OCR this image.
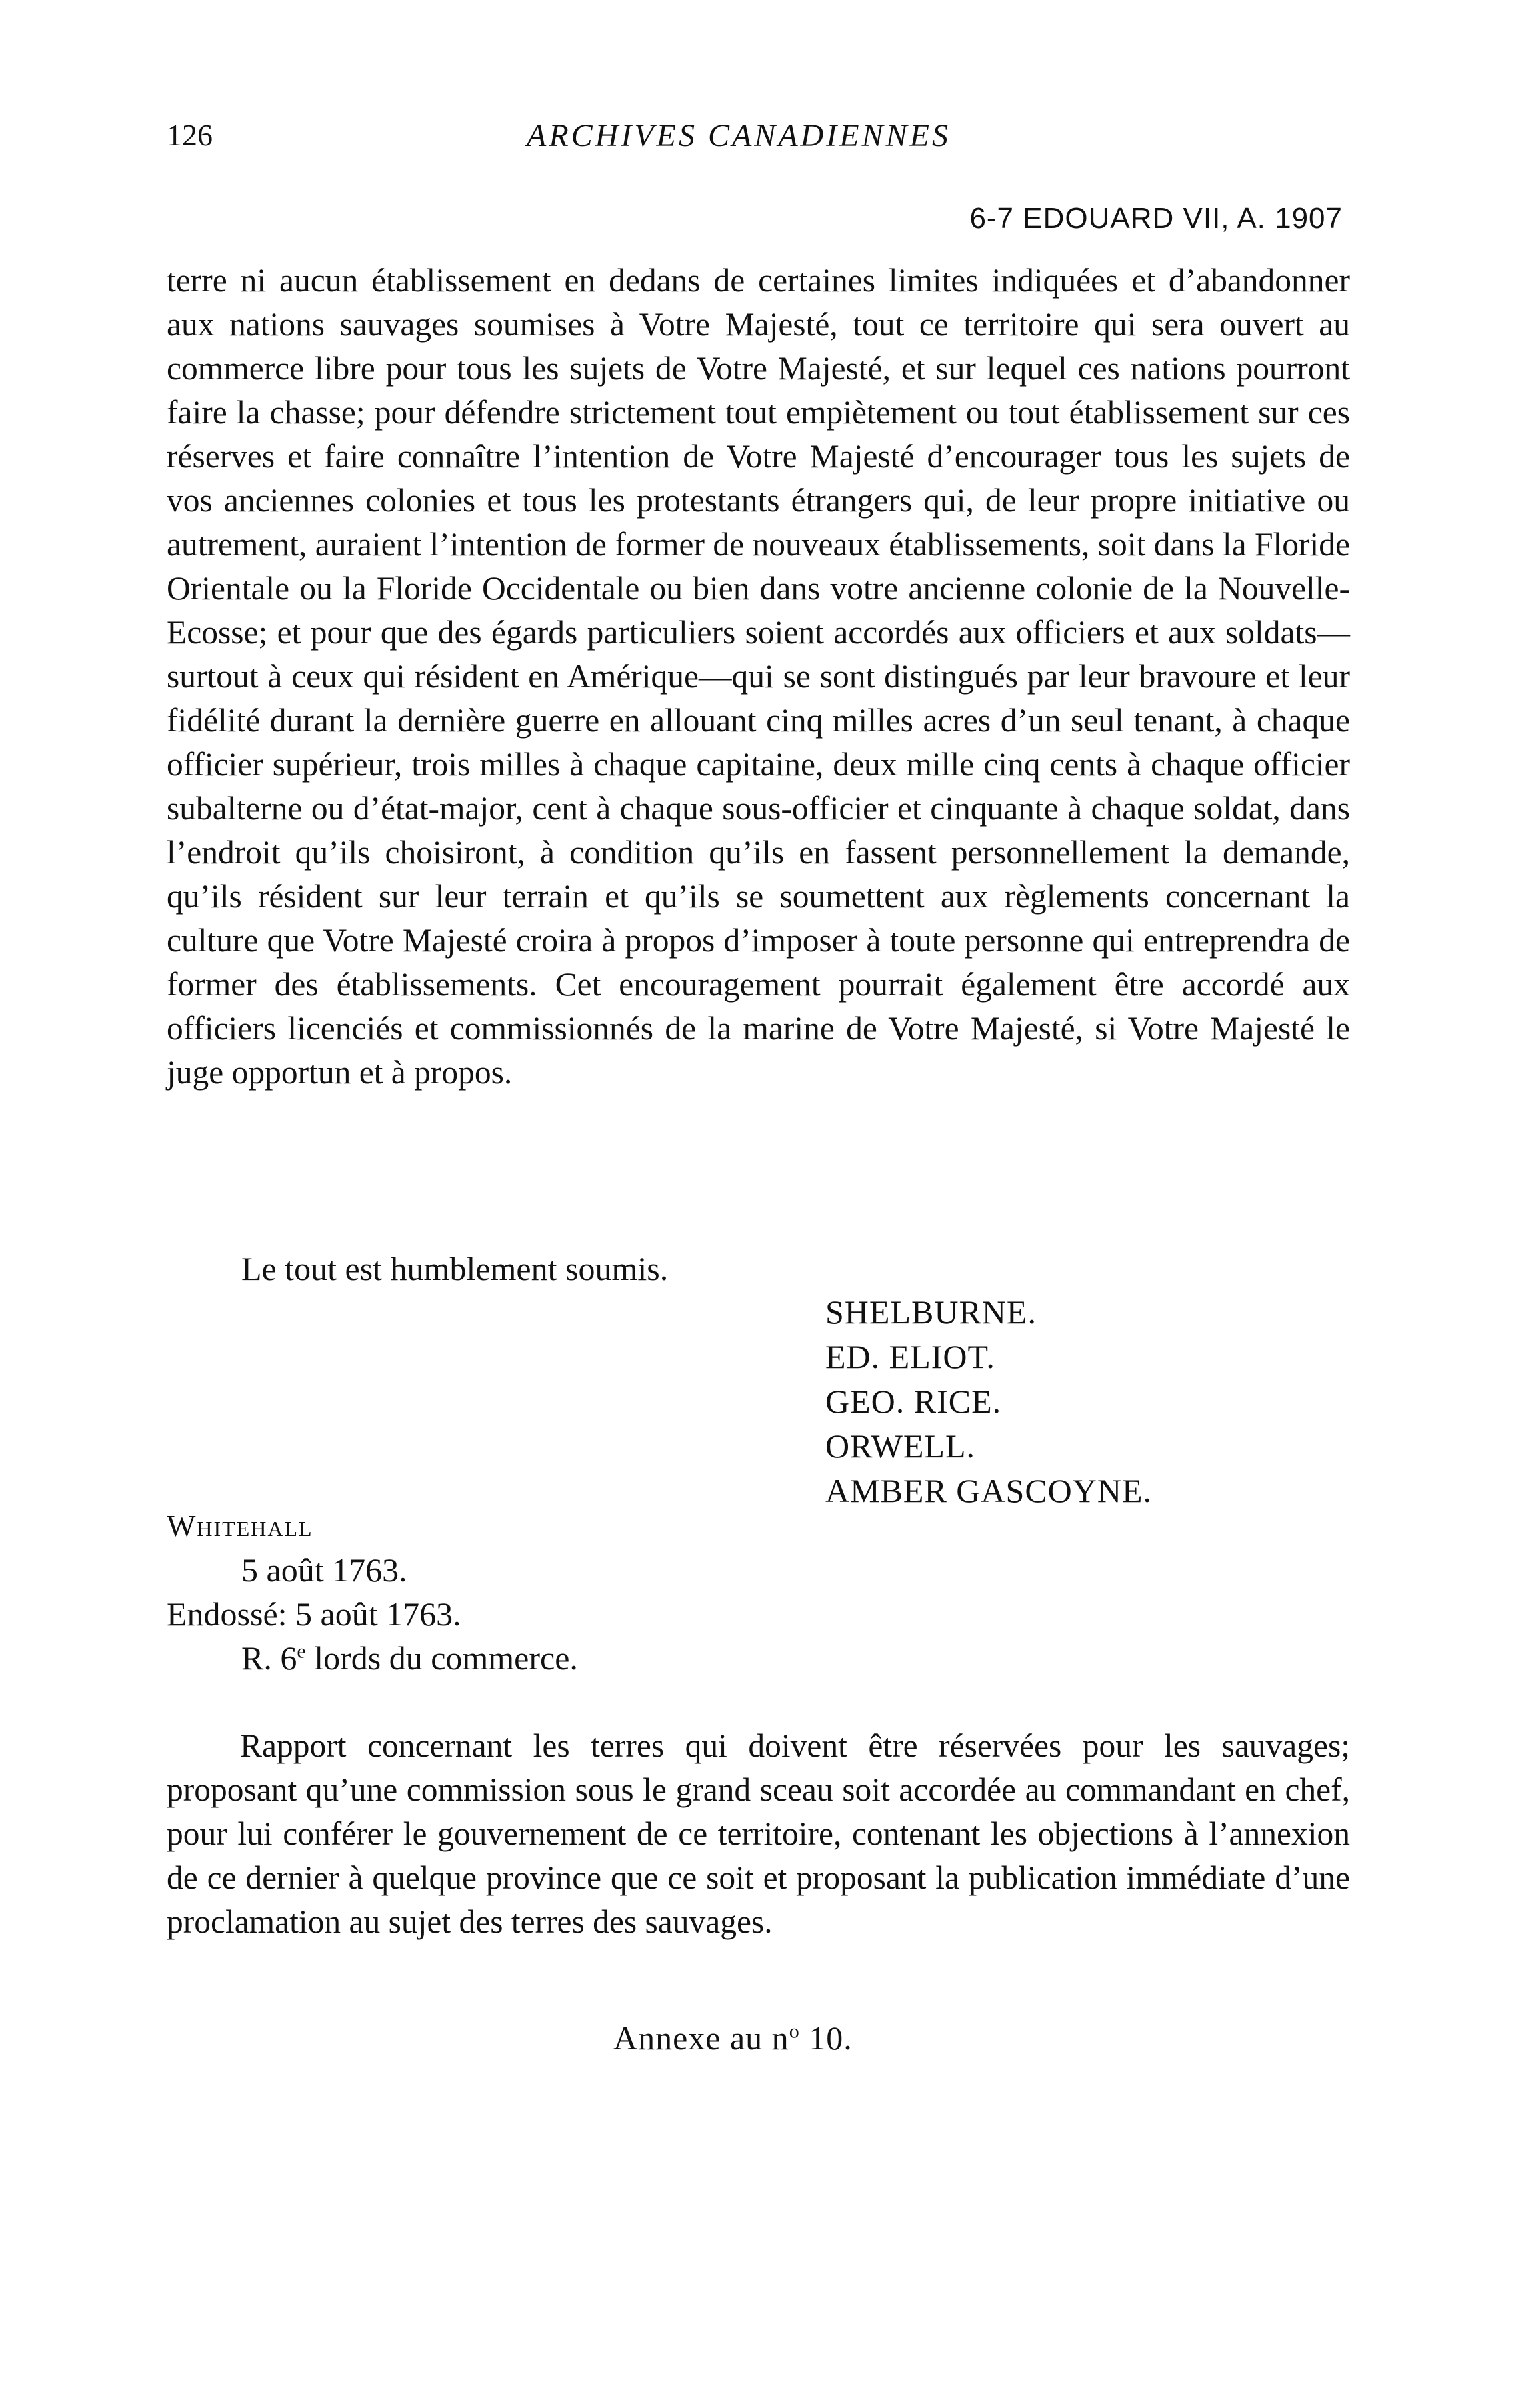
126	ARCHIVES CANADIENNES
6-7 EDOUARD VII, A. 1907

terre ni aucun établissement en dedans de certaines limites indiquées et d’abandonner aux nations sauvages soumises à Votre Majesté, tout ce territoire qui sera ouvert au commerce libre pour tous les sujets de Votre Majesté, et sur lequel ces nations pourront faire la chasse; pour défendre strictement tout empiètement ou tout établissement sur ces réserves et faire connaître l’intention de Votre Majesté d’encourager tous les sujets de vos anciennes colonies et tous les protestants étrangers qui, de leur propre initiative ou autrement, auraient l’intention de former de nouveaux établissements, soit dans la Floride Orientale ou la Floride Occidentale ou bien dans votre ancienne colonie de la Nouvelle-Ecosse; et pour que des égards particuliers soient accordés aux officiers et aux soldats—surtout à ceux qui résident en Amérique—qui se sont distingués par leur bravoure et leur fidélité durant la dernière guerre en allouant cinq milles acres d’un seul tenant, à chaque officier supérieur, trois milles à chaque capitaine, deux mille cinq cents à chaque officier subalterne ou d’état-major, cent à chaque sous-officier et cinquante à chaque soldat, dans l’endroit qu’ils choisiront, à condition qu’ils en fassent personnellement la demande, qu’ils résident sur leur terrain et qu’ils se soumettent aux règlements concernant la culture que Votre Majesté croira à propos d’imposer à toute personne qui entreprendra de former des établissements. Cet encouragement pourrait également être accordé aux officiers licenciés et commissionnés de la marine de Votre Majesté, si Votre Majesté le juge opportun et à propos.

Le tout est humblement soumis.

SHELBURNE.
ED. ELIOT.
GEO. RICE.
ORWELL.
AMBER GASCOYNE.

Whitehall

5 août 1763.

Endossé: 5 août 1763.

R. 6e lords du commerce.

Rapport concernant les terres qui doivent être réservées pour les sauvages; proposant qu’une commission sous le grand sceau soit accordée au commandant en chef, pour lui conférer le gouvernement de ce territoire, contenant les objections à l’annexion de ce dernier à quelque province que ce soit et proposant la publication immédiate d’une proclamation au sujet des terres des sauvages.

Annexe au $n^o$ 10.
